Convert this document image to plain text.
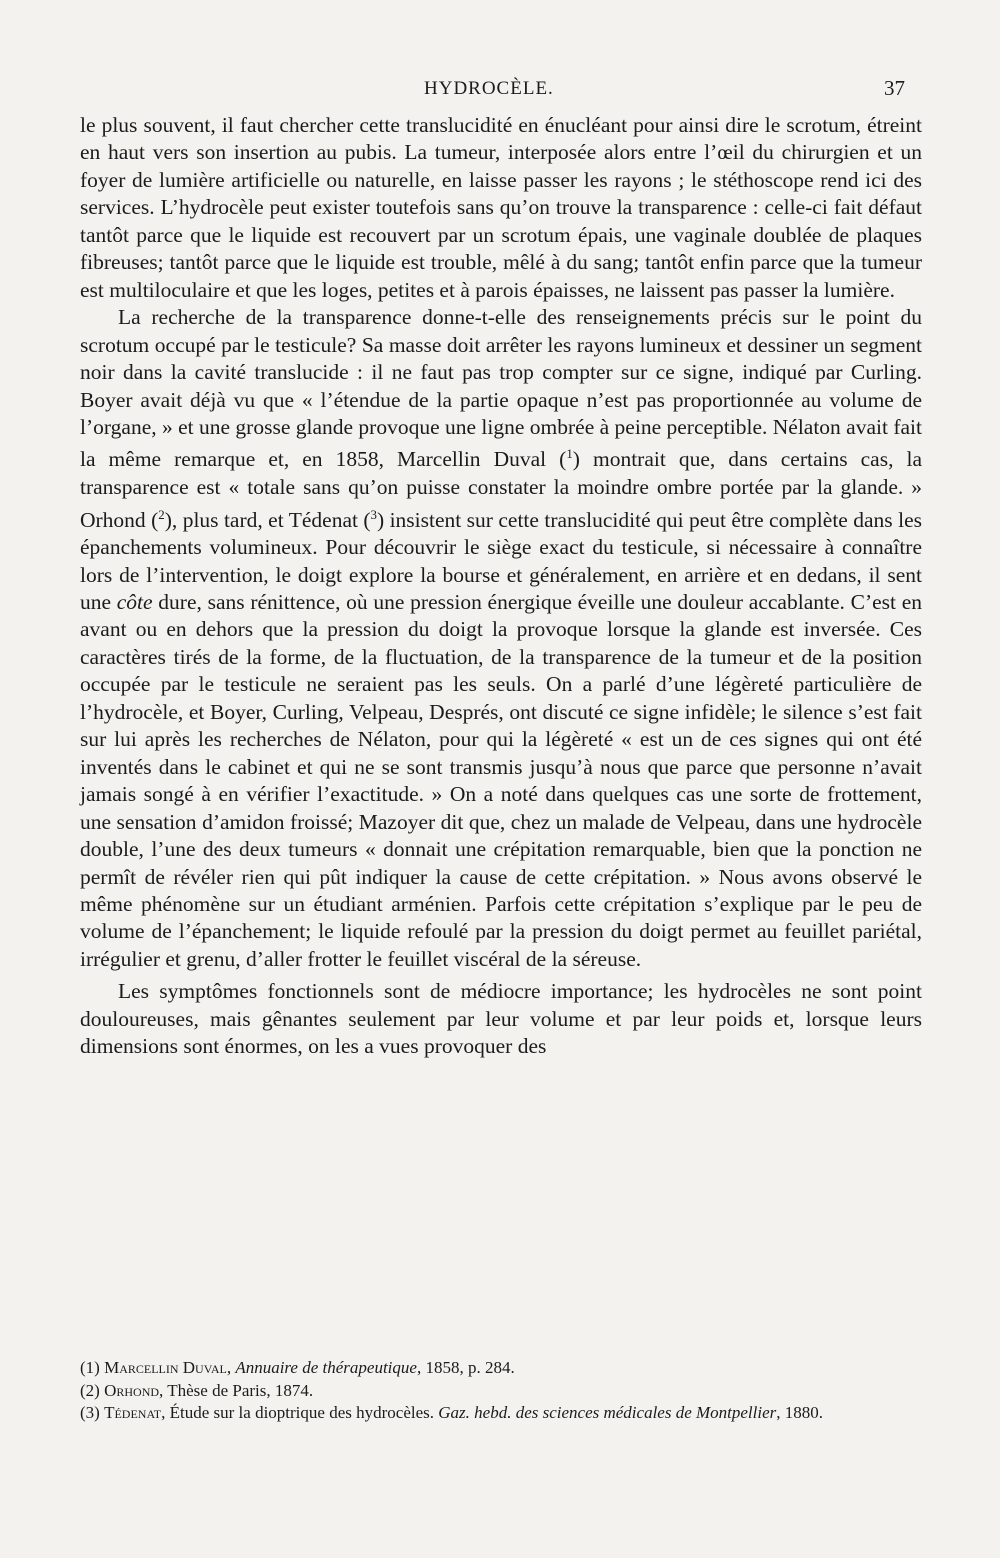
HYDROCÈLE.	37

le plus souvent, il faut chercher cette translucidité en énucléant pour ainsi dire le scrotum, étreint en haut vers son insertion au pubis. La tumeur, interposée alors entre l’œil du chirurgien et un foyer de lumière artificielle ou naturelle, en laisse passer les rayons ; le stéthoscope rend ici des services. L’hydrocèle peut exister toutefois sans qu’on trouve la transparence : celle-ci fait défaut tantôt parce que le liquide est recouvert par un scrotum épais, une vaginale doublée de plaques fibreuses; tantôt parce que le liquide est trouble, mêlé à du sang; tantôt enfin parce que la tumeur est multiloculaire et que les loges, petites et à parois épaisses, ne laissent pas passer la lumière.

La recherche de la transparence donne-t-elle des renseignements précis sur le point du scrotum occupé par le testicule? Sa masse doit arrêter les rayons lumineux et dessiner un segment noir dans la cavité translucide : il ne faut pas trop compter sur ce signe, indiqué par Curling. Boyer avait déjà vu que « l’étendue de la partie opaque n’est pas proportionnée au volume de l’organe, » et une grosse glande provoque une ligne ombrée à peine perceptible. Nélaton avait fait la même remarque et, en 1858, Marcellin Duval ($^1$) montrait que, dans certains cas, la transparence est « totale sans qu’on puisse constater la moindre ombre portée par la glande. » Orhond ($^2$), plus tard, et Tédenat ($^3$) insistent sur cette translucidité qui peut être complète dans les épanchements volumineux. Pour découvrir le siège exact du testicule, si nécessaire à connaître lors de l’intervention, le doigt explore la bourse et généralement, en arrière et en dedans, il sent une côte dure, sans rénittence, où une pression énergique éveille une douleur accablante. C’est en avant ou en dehors que la pression du doigt la provoque lorsque la glande est inversée. Ces caractères tirés de la forme, de la fluctuation, de la transparence de la tumeur et de la position occupée par le testicule ne seraient pas les seuls. On a parlé d’une légèreté particulière de l’hydrocèle, et Boyer, Curling, Velpeau, Després, ont discuté ce signe infidèle; le silence s’est fait sur lui après les recherches de Nélaton, pour qui la légèreté « est un de ces signes qui ont été inventés dans le cabinet et qui ne se sont transmis jusqu’à nous que parce que personne n’avait jamais songé à en vérifier l’exactitude. » On a noté dans quelques cas une sorte de frottement, une sensation d’amidon froissé; Mazoyer dit que, chez un malade de Velpeau, dans une hydrocèle double, l’une des deux tumeurs « donnait une crépitation remarquable, bien que la ponction ne permît de révéler rien qui pût indiquer la cause de cette crépitation. » Nous avons observé le même phénomène sur un étudiant arménien. Parfois cette crépitation s’explique par le peu de volume de l’épanchement; le liquide refoulé par la pression du doigt permet au feuillet pariétal, irrégulier et grenu, d’aller frotter le feuillet viscéral de la séreuse.

Les symptômes fonctionnels sont de médiocre importance; les hydrocèles ne sont point douloureuses, mais gênantes seulement par leur volume et par leur poids et, lorsque leurs dimensions sont énormes, on les a vues provoquer des

(1) Marcellin Duval, Annuaire de thérapeutique, 1858, p. 284.

(2) Orhond, Thèse de Paris, 1874.

(3) Tédenat, Étude sur la dioptrique des hydrocèles. Gaz. hebd. des sciences médicales de Montpellier, 1880.
